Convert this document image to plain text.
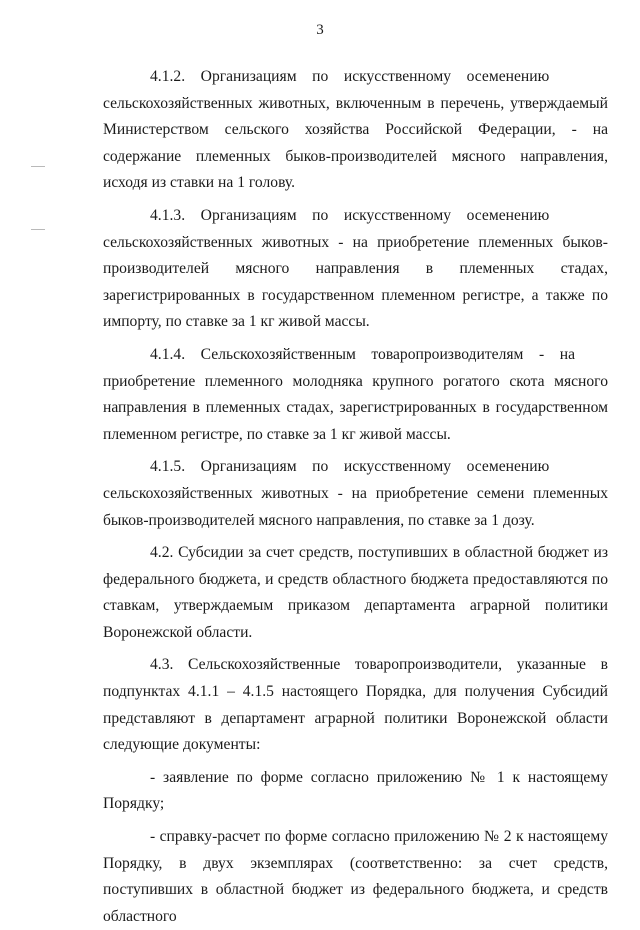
3

4.1.2. Организациям по искусственному осеменению сельскохозяйственных животных, включенным в перечень, утверждаемый Министерством сельского хозяйства Российской Федерации, - на содержание племенных быков-производителей мясного направления, исходя из ставки на 1 голову.

4.1.3. Организациям по искусственному осеменению сельскохозяйственных животных - на приобретение племенных быков-производителей мясного направления в племенных стадах, зарегистрированных в государственном племенном регистре, а также по импорту, по ставке за 1 кг живой массы.

4.1.4. Сельскохозяйственным товаропроизводителям - на приобретение племенного молодняка крупного рогатого скота мясного направления в племенных стадах, зарегистрированных в государственном племенном регистре, по ставке за 1 кг живой массы.

4.1.5. Организациям по искусственному осеменению сельскохозяйственных животных - на приобретение семени племенных быков-производителей мясного направления, по ставке за 1 дозу.

4.2. Субсидии за счет средств, поступивших в областной бюджет из федерального бюджета, и средств областного бюджета предоставляются по ставкам, утверждаемым приказом департамента аграрной политики Воронежской области.

4.3. Сельскохозяйственные товаропроизводители, указанные в подпунктах 4.1.1 – 4.1.5 настоящего Порядка, для получения Субсидий представляют в департамент аграрной политики Воронежской области следующие документы:

- заявление по форме согласно приложению № 1 к настоящему Порядку;

- справку-расчет по форме согласно приложению № 2 к настоящему Порядку, в двух экземплярах (соответственно: за счет средств, поступивших в областной бюджет из федерального бюджета, и средств областного
